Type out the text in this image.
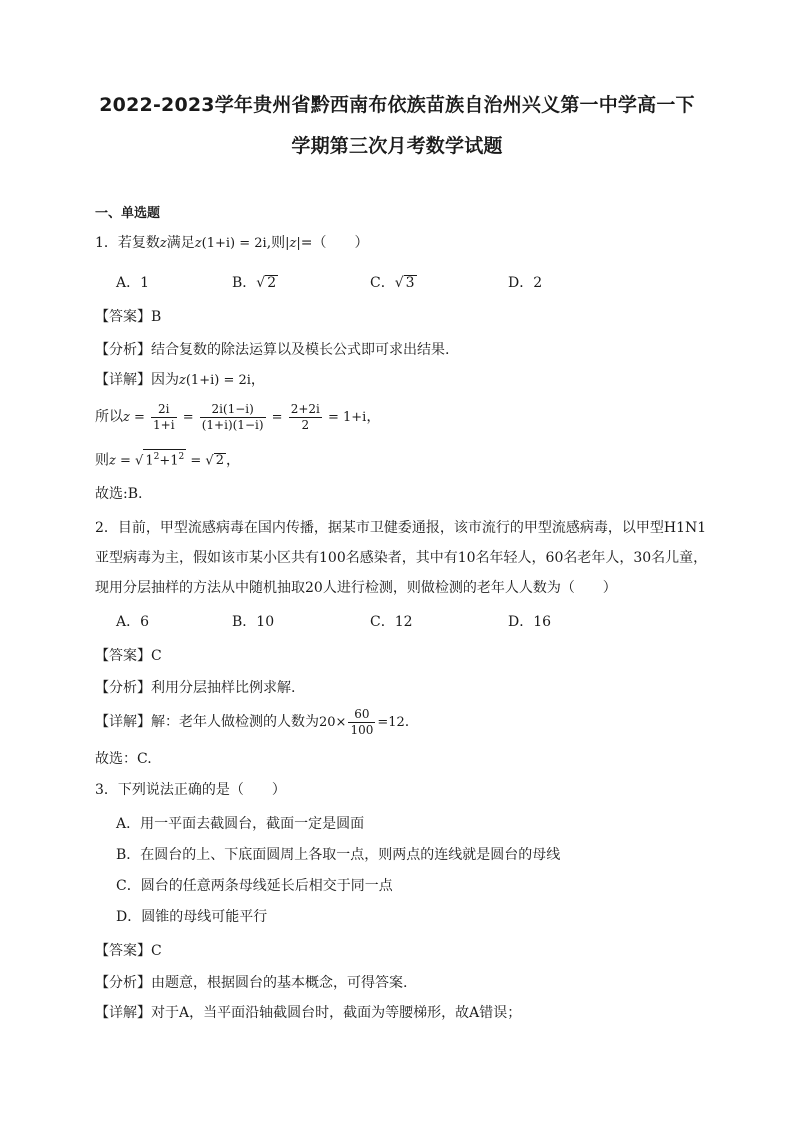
2022-2023学年贵州省黔西南布依族苗族自治州兴义第一中学高一下
学期第三次月考数学试题
一、单选题
1．若复数z满足z(1+i) = 2i,则|z|=（　　）
A．1	B．√ 2	C．√ 3	D．2
【答案】B
【分析】结合复数的除法运算以及模长公式即可求出结果.
【详解】因为z(1+i) = 2i，
所以$z = \frac{2i}{1+i} = \frac{2i(1-i)}{(1+i)(1-i)} = \frac{2+2i}{2} = 1+i$，
则z = √ $1^2+1^2$ = √ 2 ，
故选:B.
2．目前，甲型流感病毒在国内传播，据某市卫健委通报，该市流行的甲型流感病毒，以甲型H1N1
亚型病毒为主，假如该市某小区共有100名感染者，其中有10名年轻人，60名老年人，30名儿童，
现用分层抽样的方法从中随机抽取20人进行检测，则做检测的老年人人数为（　　）
A．6	B．10	C．12	D．16
【答案】C
【分析】利用分层抽样比例求解.
【详解】解：老年人做检测的人数为$20\times \frac{60}{100} =12$.
故选：C.
3．下列说法正确的是（　　）
A．用一平面去截圆台，截面一定是圆面
B．在圆台的上、下底面圆周上各取一点，则两点的连线就是圆台的母线
C．圆台的任意两条母线延长后相交于同一点
D．圆锥的母线可能平行
【答案】C
【分析】由题意，根据圆台的基本概念，可得答案.
【详解】对于A，当平面沿轴截圆台时，截面为等腰梯形，故A错误；
